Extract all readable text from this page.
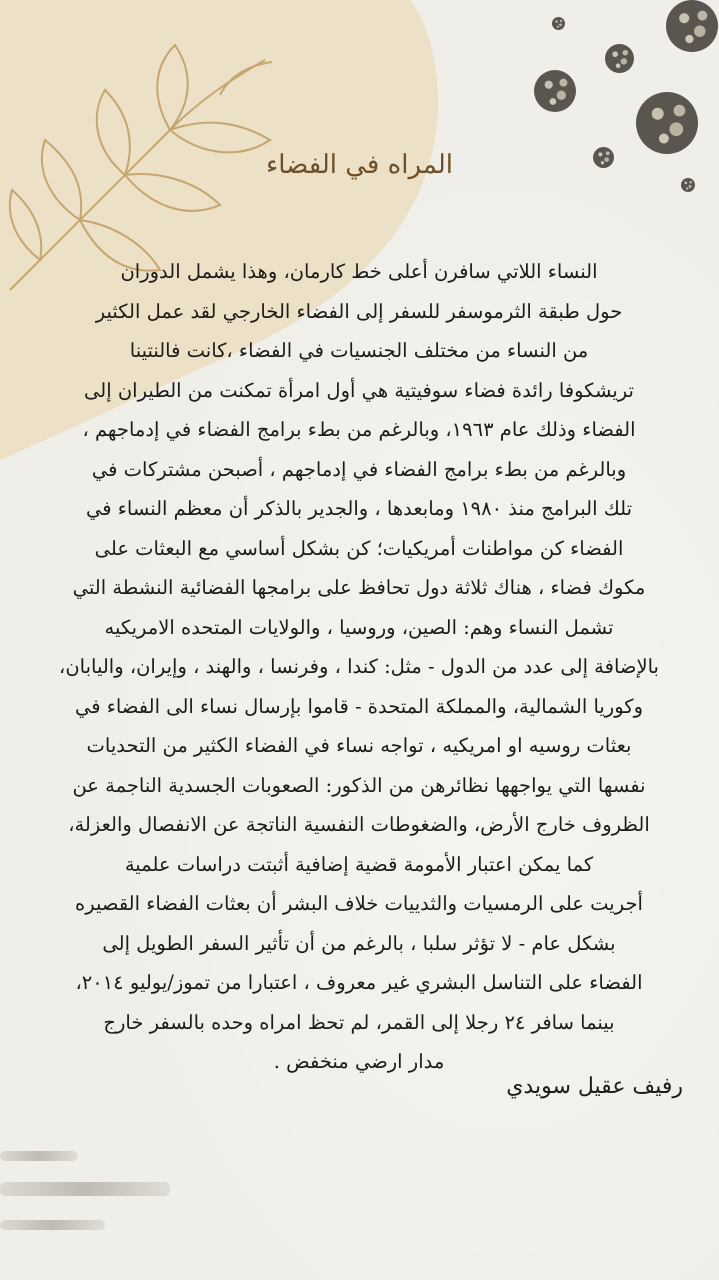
المراه في الفضاء
النساء اللاتي سافرن أعلى خط كارمان، وهذا يشمل الدوران
حول طبقة الثرموسفر للسفر إلى الفضاء الخارجي لقد عمل الكثير
من النساء من مختلف الجنسيات في الفضاء ،كانت فالنتينا
تريشكوفا رائدة فضاء سوفيتية هي أول امرأة تمكنت من الطيران إلى
الفضاء وذلك عام ١٩٦٣، وبالرغم من بطء برامج الفضاء في إدماجهم ،
وبالرغم من بطء برامج الفضاء في إدماجهم ، أصبحن مشتركات في
تلك البرامج منذ ١٩٨٠ ومابعدها ، والجدير بالذكر أن معظم النساء في
الفضاء كن مواطنات أمريكيات؛ كن بشكل أساسي مع البعثات على
مكوك فضاء ، هناك ثلاثة دول تحافظ على برامجها الفضائية النشطة التي
تشمل النساء وهم: الصين، وروسيا ، والولايات المتحده الامريكيه
بالإضافة إلى عدد من الدول - مثل: كندا ، وفرنسا ، والهند ، وإيران، واليابان،
وكوريا الشمالية، والمملكة المتحدة - قاموا بإرسال نساء الى الفضاء في
بعثات روسيه او امريكيه ، تواجه نساء في الفضاء الكثير من التحديات
نفسها التي يواجهها نظائرهن من الذكور: الصعوبات الجسدية الناجمة عن
الظروف خارج الأرض، والضغوطات النفسية الناتجة عن الانفصال والعزلة،
كما يمكن اعتبار الأمومة قضية إضافية أثبتت دراسات علمية
أجريت على الرمسيات والثدييات خلاف البشر أن بعثات الفضاء القصيره
بشكل عام - لا تؤثر سلبا ، بالرغم من أن تأثير السفر الطويل إلى
الفضاء على التناسل البشري غير معروف ، اعتبارا من تموز/يوليو ٢٠١٤،
بينما سافر ٢٤ رجلا إلى القمر، لم تحظ امراه وحده بالسفر خارج
مدار ارضي منخفض .
رفيف عقيل سويدي
